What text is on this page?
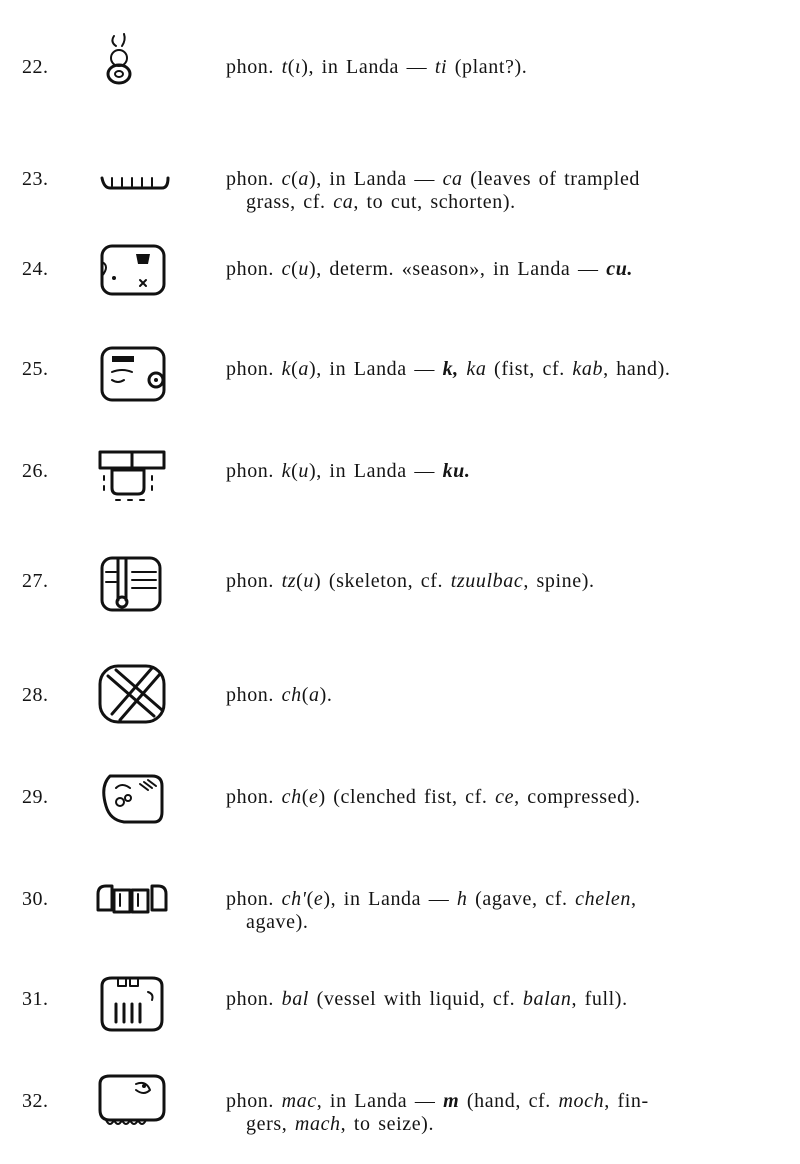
22.	phon. t(ι), in Landa — ti (plant?).
23.	phon. c(a), in Landa — ca (leaves of trampled
grass, cf. ca, to cut, schorten).
24.	phon. c(u), determ. «season», in Landa — cu.
25.	phon. k(a), in Landa — k, ka (fist, cf. kab, hand).
26.	phon. k(u), in Landa — ku.
27.	phon. tz(u) (skeleton, cf. tzuulbac, spine).
28.	phon. ch(a).
29.	phon. ch(e) (clenched fist, cf. ce, compressed).
30.	phon. ch'(e), in Landa — h (agave, cf. chelen,
agave).
31.	phon. bal (vessel with liquid, cf. balan, full).
32.	phon. mac, in Landa — m (hand, cf. moch, fin-
gers, mach, to seize).
